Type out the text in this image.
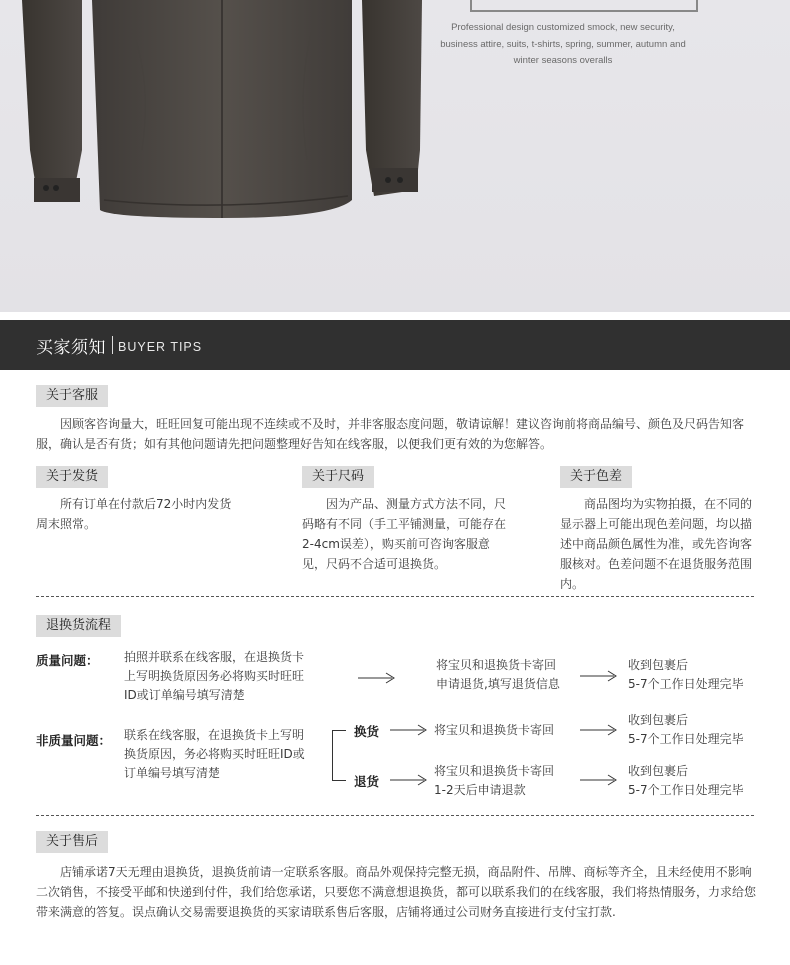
Professional design customized smock, new security,
business attire, suits, t-shirts, spring, summer, autumn and
winter seasons overalls
买家须知 BUYER TIPS
关于客服
因顾客咨询量大，旺旺回复可能出现不连续或不及时，并非客服态度问题，敬请谅解！建议咨询前将商品编号、颜色及尺码告知客服，确认是否有货；如有其他问题请先把问题整理好告知在线客服，以便我们更有效的为您解答。
关于发货
所有订单在付款后72小时内发货周末照常。
关于尺码
因为产品、测量方式方法不同，尺码略有不同（手工平铺测量，可能存在2-4cm误差），购买前可咨询客服意见，尺码不合适可退换货。
关于色差
商品图均为实物拍摄，在不同的显示器上可能出现色差问题，均以描述中商品颜色属性为准，或先咨询客服核对。色差问题不在退货服务范围内。
退换货流程
质量问题： 拍照并联系在线客服，在退换货卡上写明换货原因务必将购买时旺旺ID或订单编号填写清楚
将宝贝和退换货卡寄回
申请退货,填写退货信息
收到包裹后
5-7个工作日处理完毕
非质量问题： 联系在线客服，在退换货卡上写明换货原因，务必将购买时旺旺ID或订单编号填写清楚
换货	将宝贝和退换货卡寄回
收到包裹后
5-7个工作日处理完毕
退货
将宝贝和退换货卡寄回
1-2天后申请退款
收到包裹后
5-7个工作日处理完毕
关于售后
店铺承诺7天无理由退换货，退换货前请一定联系客服。商品外观保持完整无损，商品附件、吊牌、商标等齐全，且未经使用不影响二次销售，不接受平邮和快递到付件，我们给您承诺，只要您不满意想退换货，都可以联系我们的在线客服，我们将热情服务，力求给您带来满意的答复。误点确认交易需要退换货的买家请联系售后客服，店铺将通过公司财务直接进行支付宝打款.
